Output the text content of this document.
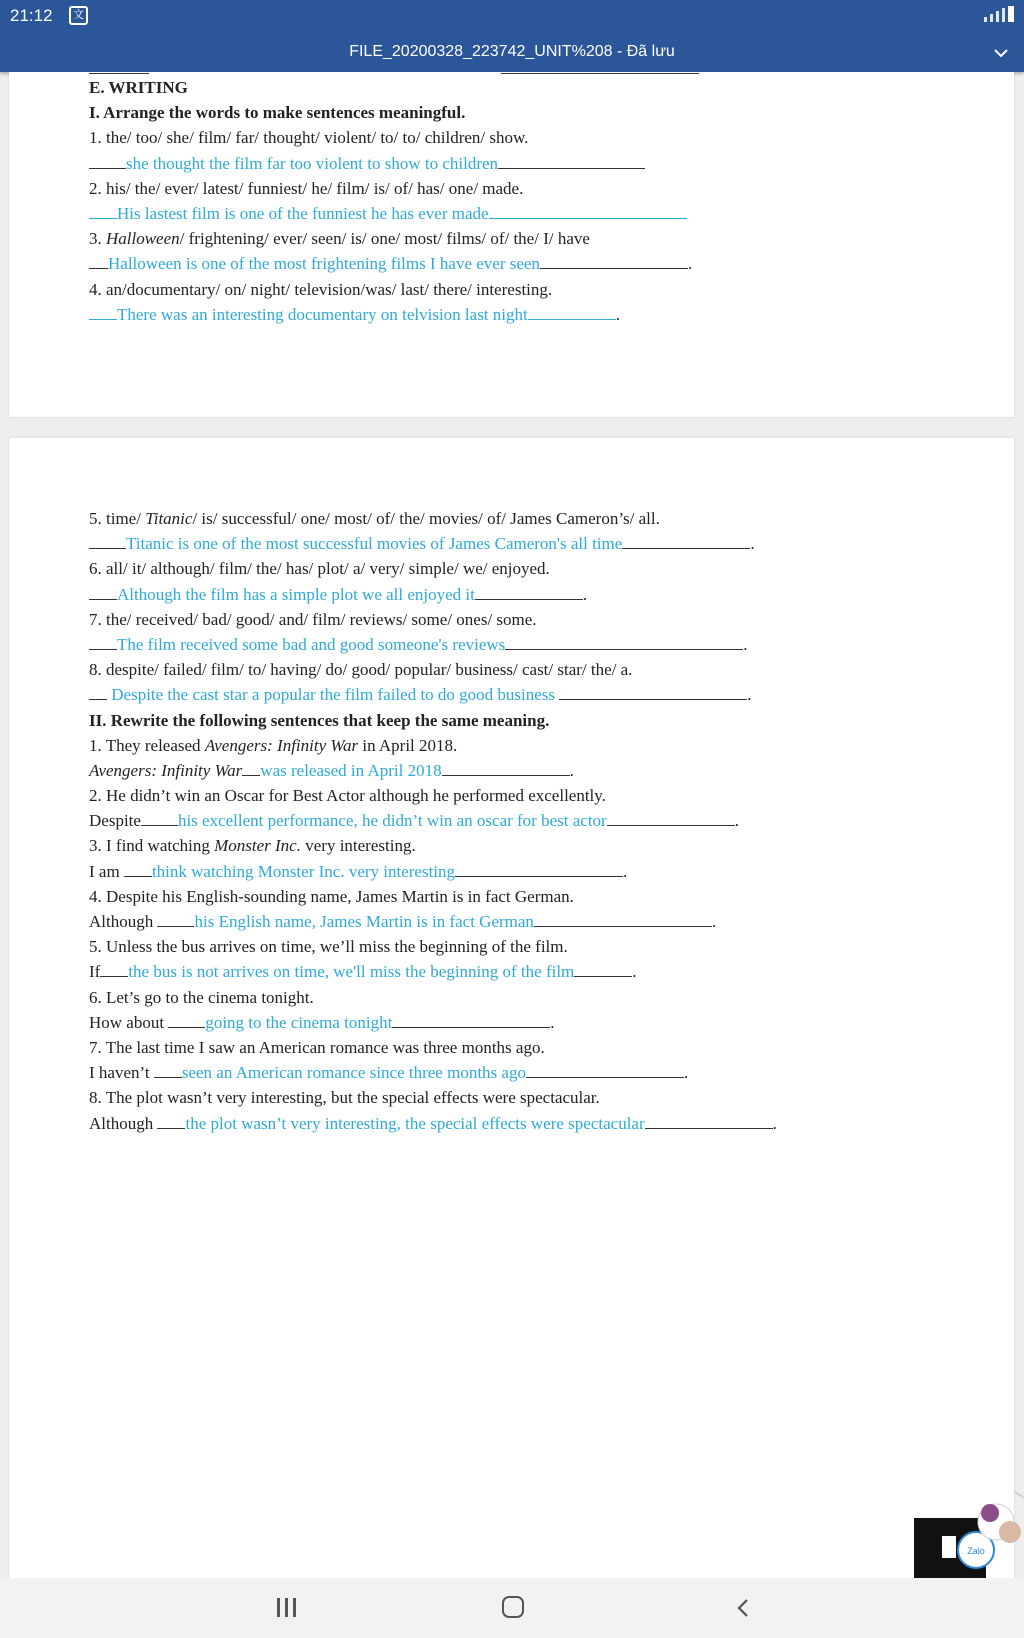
21:12	文
FILE_20200328_223742_UNIT%208 - Đã lưu
E. WRITING
I. Arrange the words to make sentences meaningful.
1. the/ too/ she/ film/ far/ thought/ violent/ to/ to/ children/ show.
she thought the film far too violent to show to children
2. his/ the/ ever/ latest/ funniest/ he/ film/ is/ of/ has/ one/ made.
His lastest film is one of the funniest he has ever made
3. Halloween/ frightening/ ever/ seen/ is/ one/ most/ films/ of/ the/ I/ have
Halloween is one of the most frightening films I have ever seen	.
4. an/documentary/ on/ night/ television/was/ last/ there/ interesting.
There was an interesting documentary on telvision last night	.
5. time/ Titanic/ is/ successful/ one/ most/ of/ the/ movies/ of/ James Cameron’s/ all.
Titanic is one of the most successful movies of James Cameron's all time	.
6. all/ it/ although/ film/ the/ has/ plot/ a/ very/ simple/ we/ enjoyed.
Although the film has a simple plot we all enjoyed it	.
7. the/ received/ bad/ good/ and/ film/ reviews/ some/ ones/ some.
The film received some bad and good someone's reviews	.
8. despite/ failed/ film/ to/ having/ do/ good/ popular/ business/ cast/ star/ the/ a.
Despite the cast star a popular the film failed to do good business	.
II. Rewrite the following sentences that keep the same meaning.
1. They released Avengers: Infinity War in April 2018.
Avengers: Infinity War was released in April 2018	.
2. He didn’t win an Oscar for Best Actor although he performed excellently.
Despite his excellent performance, he didn’t win an oscar for best actor	.
3. I find watching Monster Inc. very interesting.
I am think watching Monster Inc. very interesting	.
4. Despite his English-sounding name, James Martin is in fact German.
Although his English name, James Martin is in fact German	.
5. Unless the bus arrives on time, we’ll miss the beginning of the film.
If the bus is not arrives on time, we'll miss the beginning of the film	.
6. Let’s go to the cinema tonight.
How about going to the cinema tonight	.
7. The last time I saw an American romance was three months ago.
I haven’t seen an American romance since three months ago	.
8. The plot wasn’t very interesting, but the special effects were spectacular.
Although the plot wasn’t very interesting, the special effects were spectacular	.
Zalo
